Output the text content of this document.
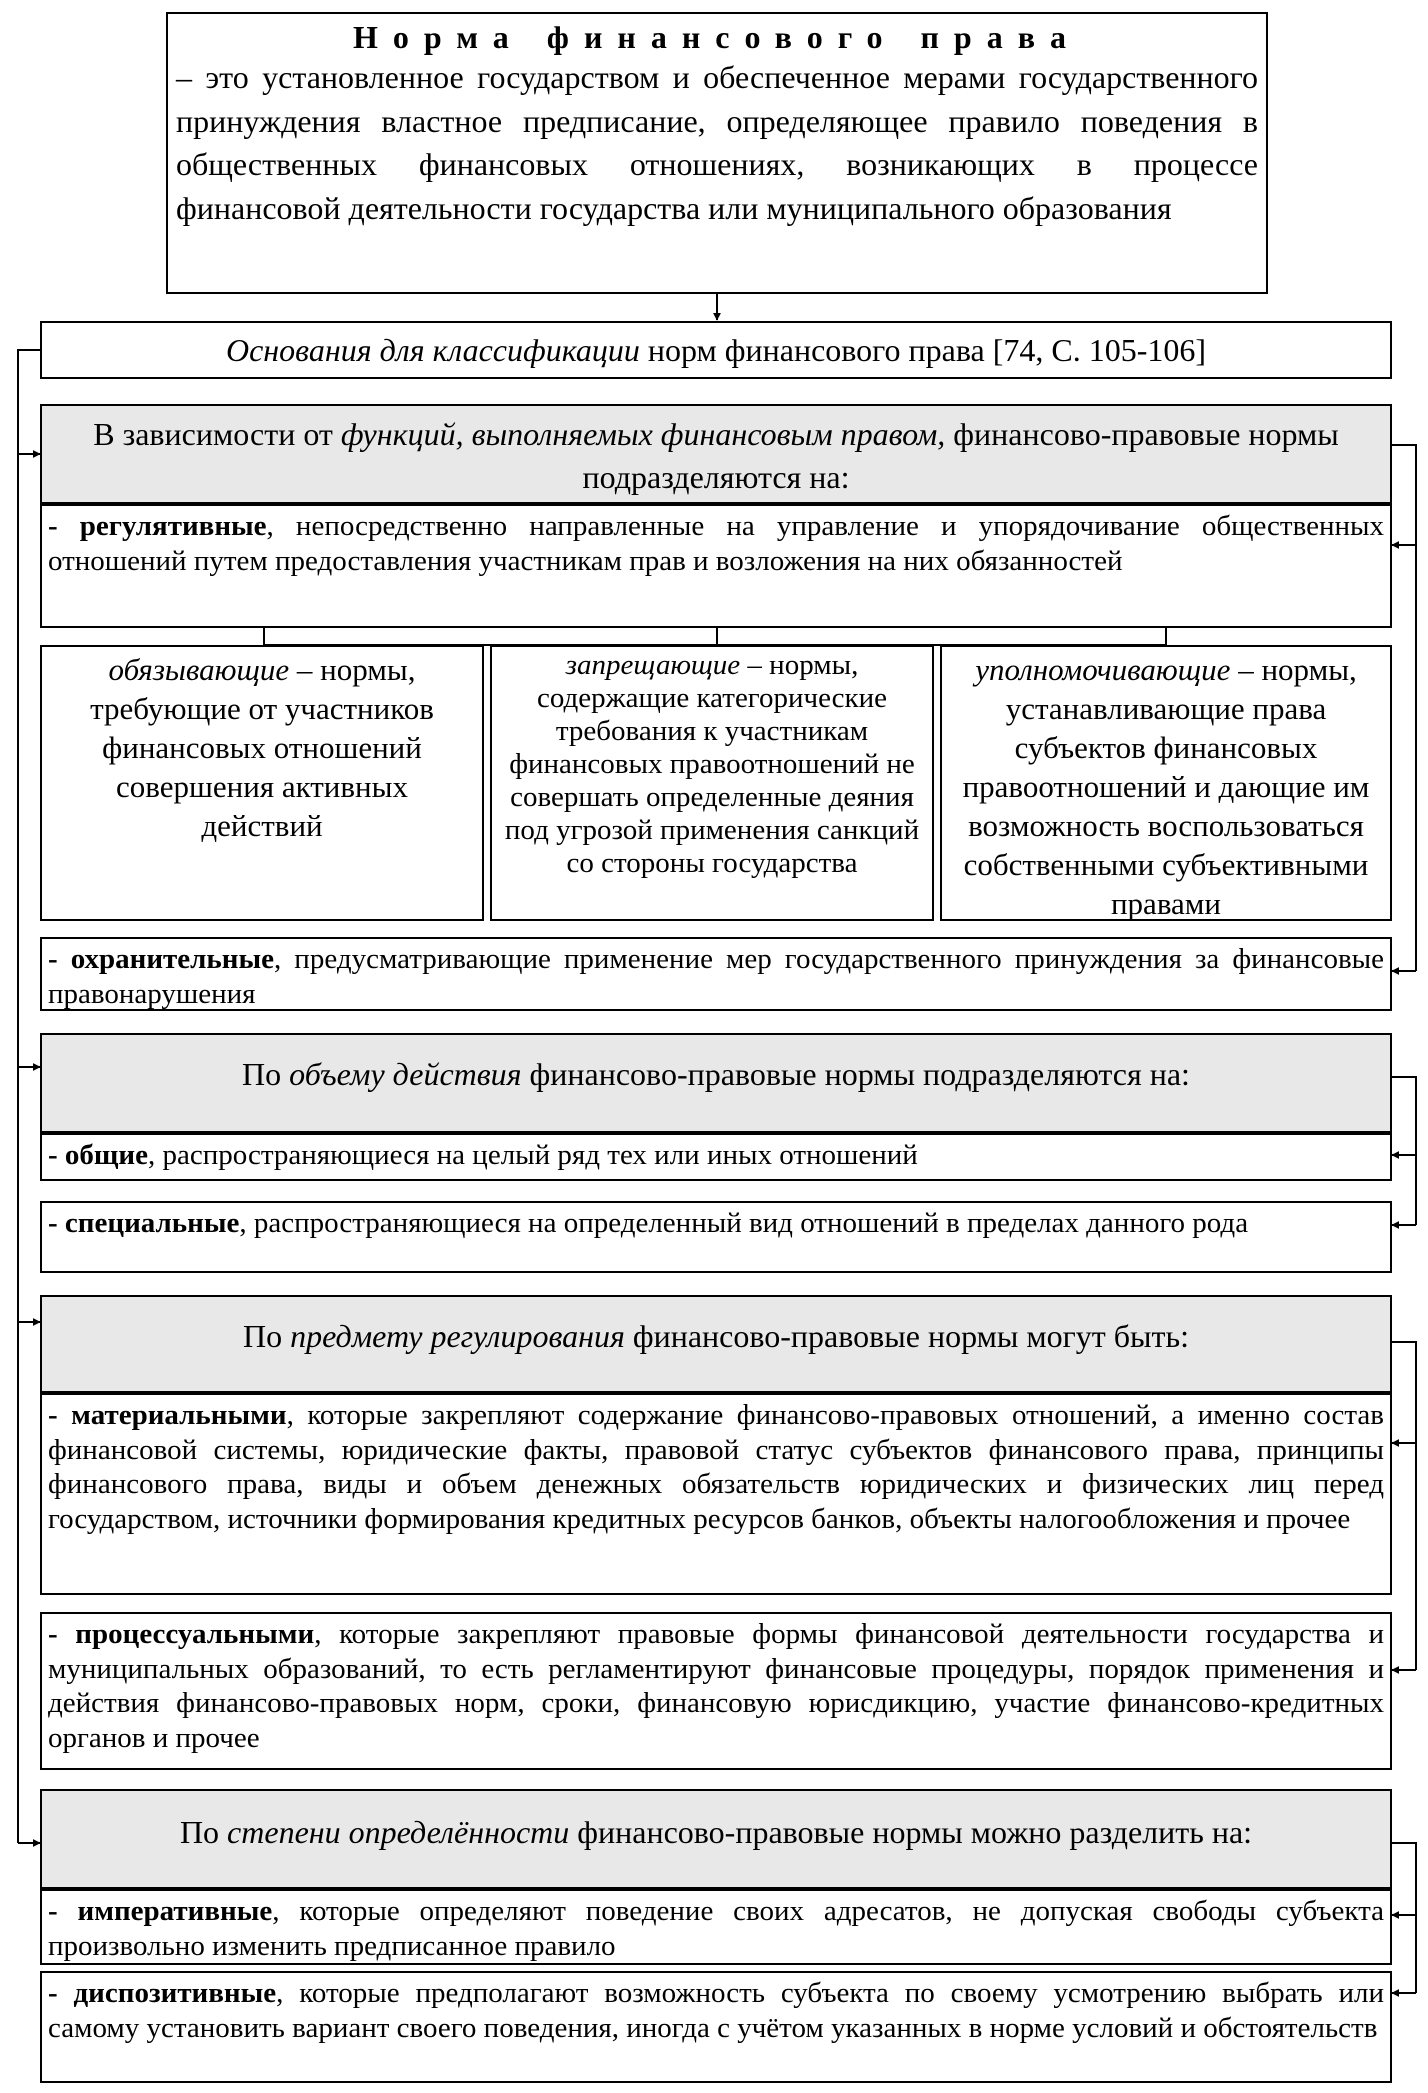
Норма финансового права
– это установленное государством и обеспеченное мерами государственного принуждения властное предписание, определяющее правило поведения в общественных финансовых отношениях, возникающих в процессе финансовой деятельности государства или муниципального образования
Основания для классификации норм финансового права [74, С. 105-106]
В зависимости от функций, выполняемых финансовым правом, финансово-правовые нормы подразделяются на:
- регулятивные, непосредственно направленные на управление и упорядочивание общественных отношений путем предоставления участникам прав и возложения на них обязанностей
обязывающие – нормы, требующие от участников финансовых отношений совершения активных действий
запрещающие – нормы, содержащие категорические требования к участникам финансовых правоотношений не совершать определенные деяния под угрозой применения санкций со стороны государства
уполномочивающие – нормы, устанавливающие права субъектов финансовых правоотношений и дающие им возможность воспользоваться собственными субъективными правами
- охранительные, предусматривающие применение мер государственного принуждения за финансовые правонарушения
По объему действия финансово-правовые нормы подразделяются на:
- общие, распространяющиеся на целый ряд тех или иных отношений
- специальные, распространяющиеся на определенный вид отношений в пределах данного рода
По предмету регулирования финансово-правовые нормы могут быть:
- материальными, которые закрепляют содержание финансово-правовых отношений, а именно состав финансовой системы, юридические факты, правовой статус субъектов финансового права, принципы финансового права, виды и объем денежных обязательств юридических и физических лиц перед государством, источники формирования кредитных ресурсов банков, объекты налогообложения и прочее
- процессуальными, которые закрепляют правовые формы финансовой деятельности государства и муниципальных образований, то есть регламентируют финансовые процедуры, порядок применения и действия финансово-правовых норм, сроки, финансовую юрисдикцию, участие финансово-кредитных органов и прочее
По степени определённости финансово-правовые нормы можно разделить на:
- императивные, которые определяют поведение своих адресатов, не допуская свободы субъекта произвольно изменить предписанное правило
- диспозитивные, которые предполагают возможность субъекта по своему усмотрению выбрать или самому установить вариант своего поведения, иногда с учётом указанных в норме условий и обстоятельств
